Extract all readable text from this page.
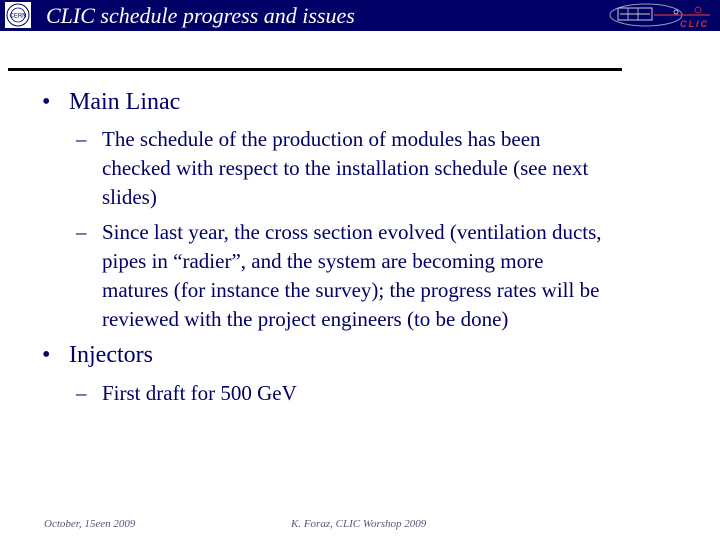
CERN CLIC schedule progress and issues	CLIC
• Main Linac
– The schedule of the production of modules has been
checked with respect to the installation schedule (see next
slides)
– Since last year, the cross section evolved (ventilation ducts,
pipes in “radier”, and the system are becoming more
matures (for instance the survey); the progress rates will be
reviewed with the project engineers (to be done)
• Injectors
– First draft for 500 GeV
October, 15een 2009	K. Foraz, CLIC Worshop 2009
